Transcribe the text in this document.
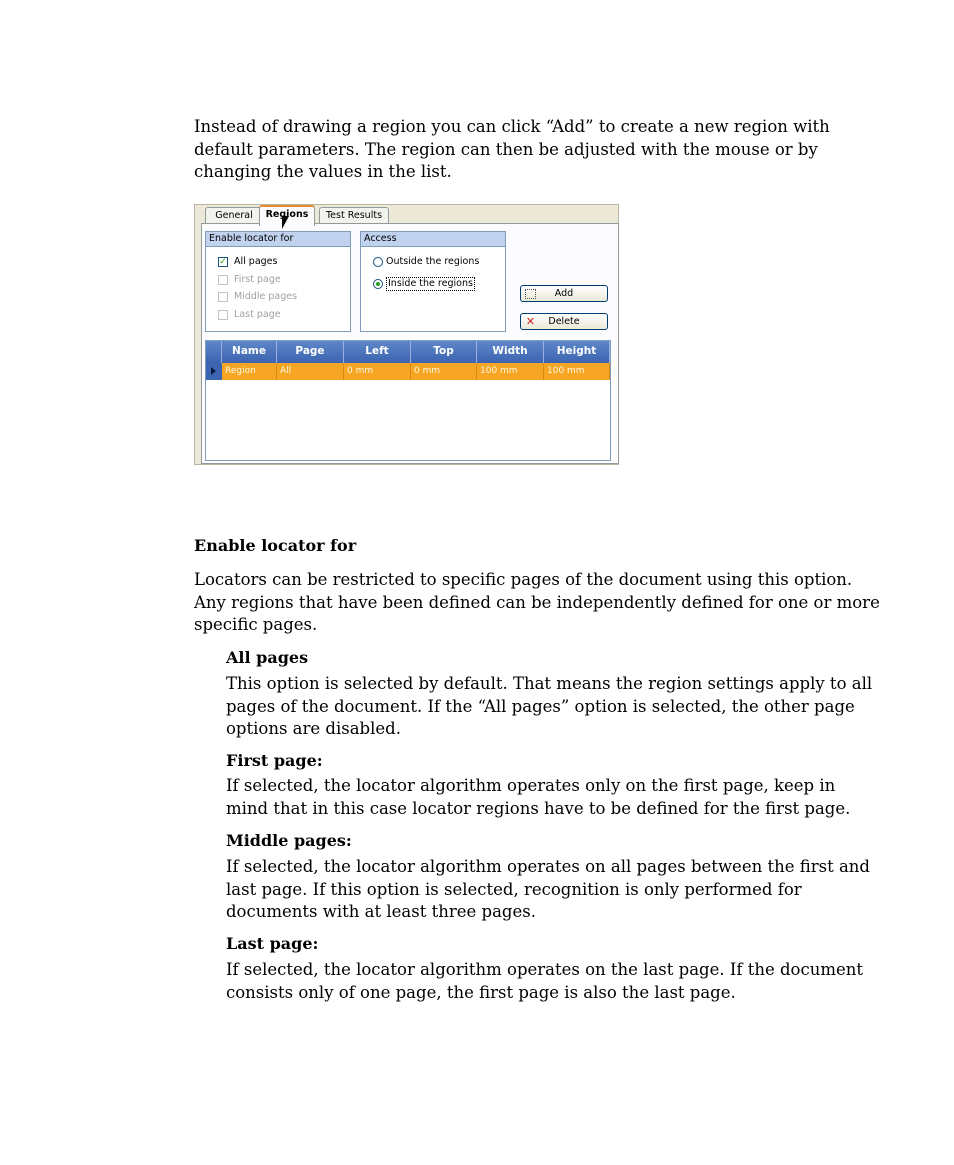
Instead of drawing a region you can click “Add” to create a new region with default parameters. The region can then be adjusted with the mouse or by changing the values in the list.
General	Regions	Test Results
Enable locator for
✓ All pages
First page
Middle pages
Last page
Access
Outside the regions
Inside the regions
Add
✕ Delete
Name	Page	Left	Top	Width	Height
Region	All	0 mm	0 mm	100 mm	100 mm
Enable locator for
Locators can be restricted to specific pages of the document using this option. Any regions that have been defined can be independently defined for one or more specific pages.
All pages
This option is selected by default. That means the region settings apply to all pages of the document. If the “All pages” option is selected, the other page options are disabled.
First page:
If selected, the locator algorithm operates only on the first page, keep in mind that in this case locator regions have to be defined for the first page.
Middle pages:
If selected, the locator algorithm operates on all pages between the first and last page. If this option is selected, recognition is only performed for documents with at least three pages.
Last page:
If selected, the locator algorithm operates on the last page. If the document consists only of one page, the first page is also the last page.
